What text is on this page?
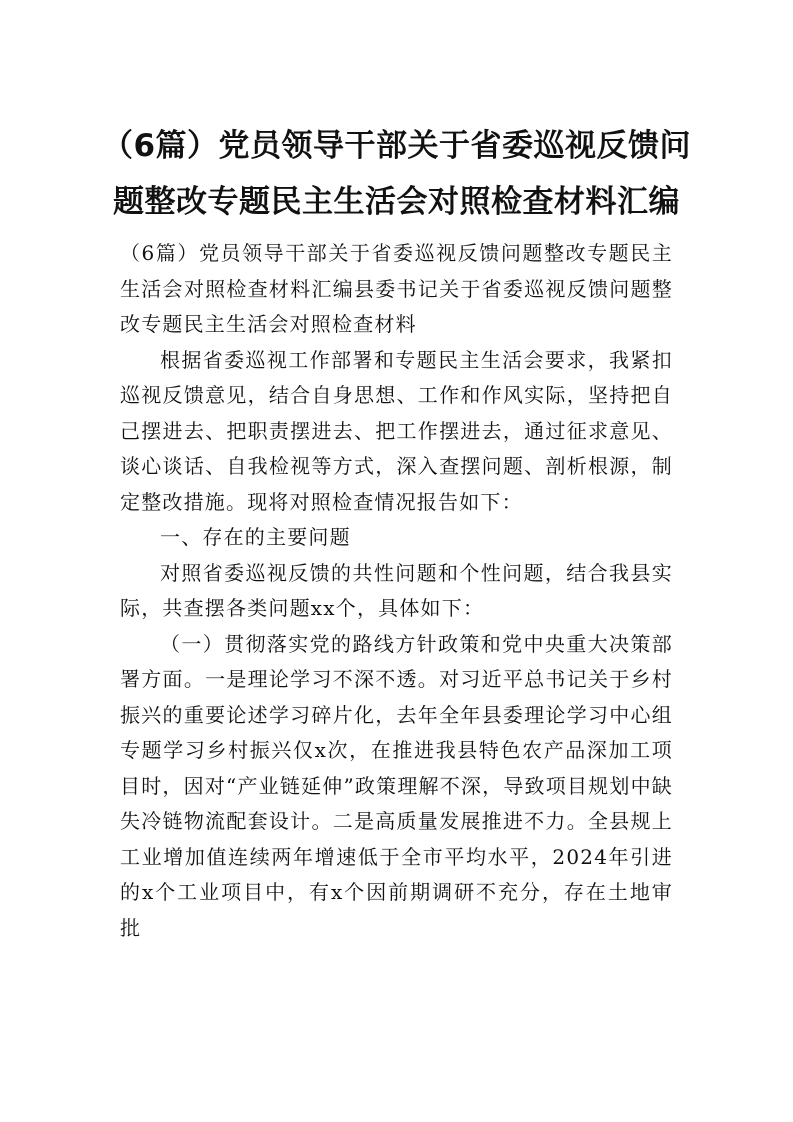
（6篇）党员领导干部关于省委巡视反馈问
题整改专题民主生活会对照检查材料汇编

（6篇）党员领导干部关于省委巡视反馈问题整改专题民主生活会对照检查材料汇编县委书记关于省委巡视反馈问题整改专题民主生活会对照检查材料

根据省委巡视工作部署和专题民主生活会要求，我紧扣巡视反馈意见，结合自身思想、工作和作风实际，坚持把自己摆进去、把职责摆进去、把工作摆进去，通过征求意见、谈心谈话、自我检视等方式，深入查摆问题、剖析根源，制定整改措施。现将对照检查情况报告如下：

一、存在的主要问题

对照省委巡视反馈的共性问题和个性问题，结合我县实际，共查摆各类问题xx个，具体如下：

（一）贯彻落实党的路线方针政策和党中央重大决策部署方面。一是理论学习不深不透。对习近平总书记关于乡村振兴的重要论述学习碎片化，去年全年县委理论学习中心组专题学习乡村振兴仅x次，在推进我县特色农产品深加工项目时，因对“产业链延伸”政策理解不深，导致项目规划中缺失冷链物流配套设计。二是高质量发展推进不力。全县规上工业增加值连续两年增速低于全市平均水平，2024年引进的x个工业项目中，有x个因前期调研不充分，存在土地审批
